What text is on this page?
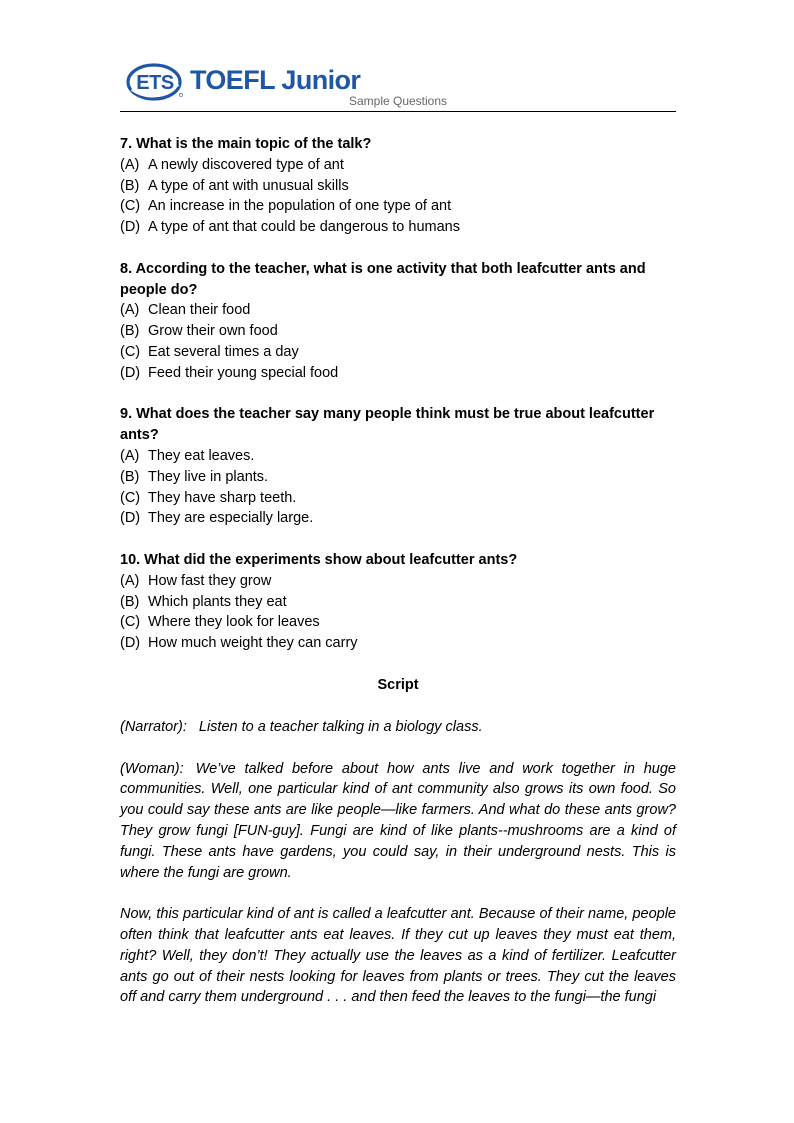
ETS TOEFL Junior
Sample Questions
7. What is the main topic of the talk?
(A) A newly discovered type of ant
(B) A type of ant with unusual skills
(C) An increase in the population of one type of ant
(D) A type of ant that could be dangerous to humans
8. According to the teacher, what is one activity that both leafcutter ants and people do?
(A) Clean their food
(B) Grow their own food
(C) Eat several times a day
(D) Feed their young special food
9. What does the teacher say many people think must be true about leafcutter ants?
(A) They eat leaves.
(B) They live in plants.
(C) They have sharp teeth.
(D) They are especially large.
10. What did the experiments show about leafcutter ants?
(A) How fast they grow
(B) Which plants they eat
(C) Where they look for leaves
(D) How much weight they can carry
Script

(Narrator): Listen to a teacher talking in a biology class.

(Woman): We’ve talked before about how ants live and work together in huge communities. Well, one particular kind of ant community also grows its own food. So you could say these ants are like people—like farmers. And what do these ants grow? They grow fungi [FUN-guy]. Fungi are kind of like plants--mushrooms are a kind of fungi. These ants have gardens, you could say, in their underground nests. This is where the fungi are grown.

Now, this particular kind of ant is called a leafcutter ant. Because of their name, people often think that leafcutter ants eat leaves. If they cut up leaves they must eat them, right? Well, they don’t! They actually use the leaves as a kind of fertilizer. Leafcutter ants go out of their nests looking for leaves from plants or trees. They cut the leaves off and carry them underground . . . and then feed the leaves to the fungi—the fungi
